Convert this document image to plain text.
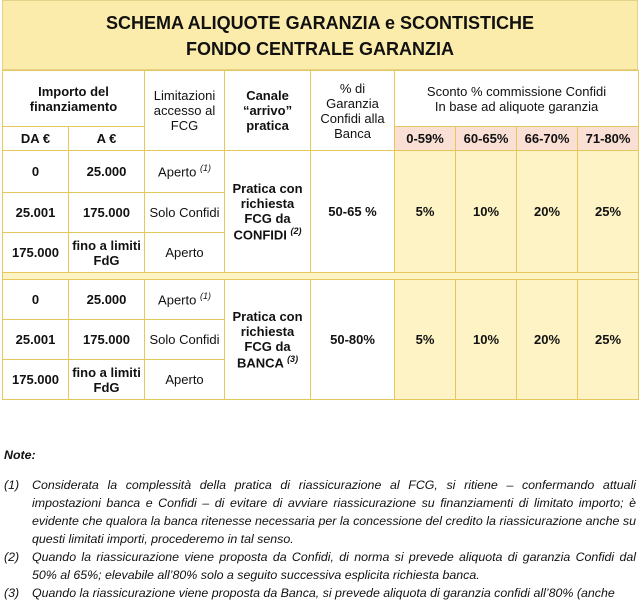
SCHEMA ALIQUOTE GARANZIA e SCONTISTICHE
FONDO CENTRALE GARANZIA
Importo del finanziamento		Limitazioni accesso al FCG	Canale “arrivo” pratica	% di Garanzia Confidi alla Banca	Sconto % commissione Confidi
In base ad aliquote garanzia			

DA €	A €				0-59%	60-65%	66-70%	71-80%
0	25.000	Aperto $^{(1)}$	Pratica con richiesta FCG da CONFIDI $^{(2)}$	50-65 %	5%	10%	20%	25%
25.001	175.000	Solo Confidi						
175.000	fino a limiti FdG	Aperto						

0	25.000	Aperto $^{(1)}$	Pratica con richiesta FCG da BANCA $^{(3)}$	50-80%	5%	10%	20%	25%
25.001	175.000	Solo Confidi						
175.000	fino a limiti FdG	Aperto						
Note:
(1)	Considerata la complessità della pratica di riassicurazione al FCG, si ritiene – confermando attuali impostazioni banca e Confidi – di evitare di avviare riassicurazione su finanziamenti di limitato importo; è evidente che qualora la banca ritenesse necessaria per la concessione del credito la riassicurazione anche su questi limitati importi, procederemo in tal senso.
(2)	Quando la riassicurazione viene proposta da Confidi, di norma si prevede aliquota di garanzia Confidi dal 50% al 65%; elevabile all’80% solo a seguito successiva esplicita richiesta banca.
(3)	Quando la riassicurazione viene proposta da Banca, si prevede aliquota di garanzia confidi all’80% (anche
